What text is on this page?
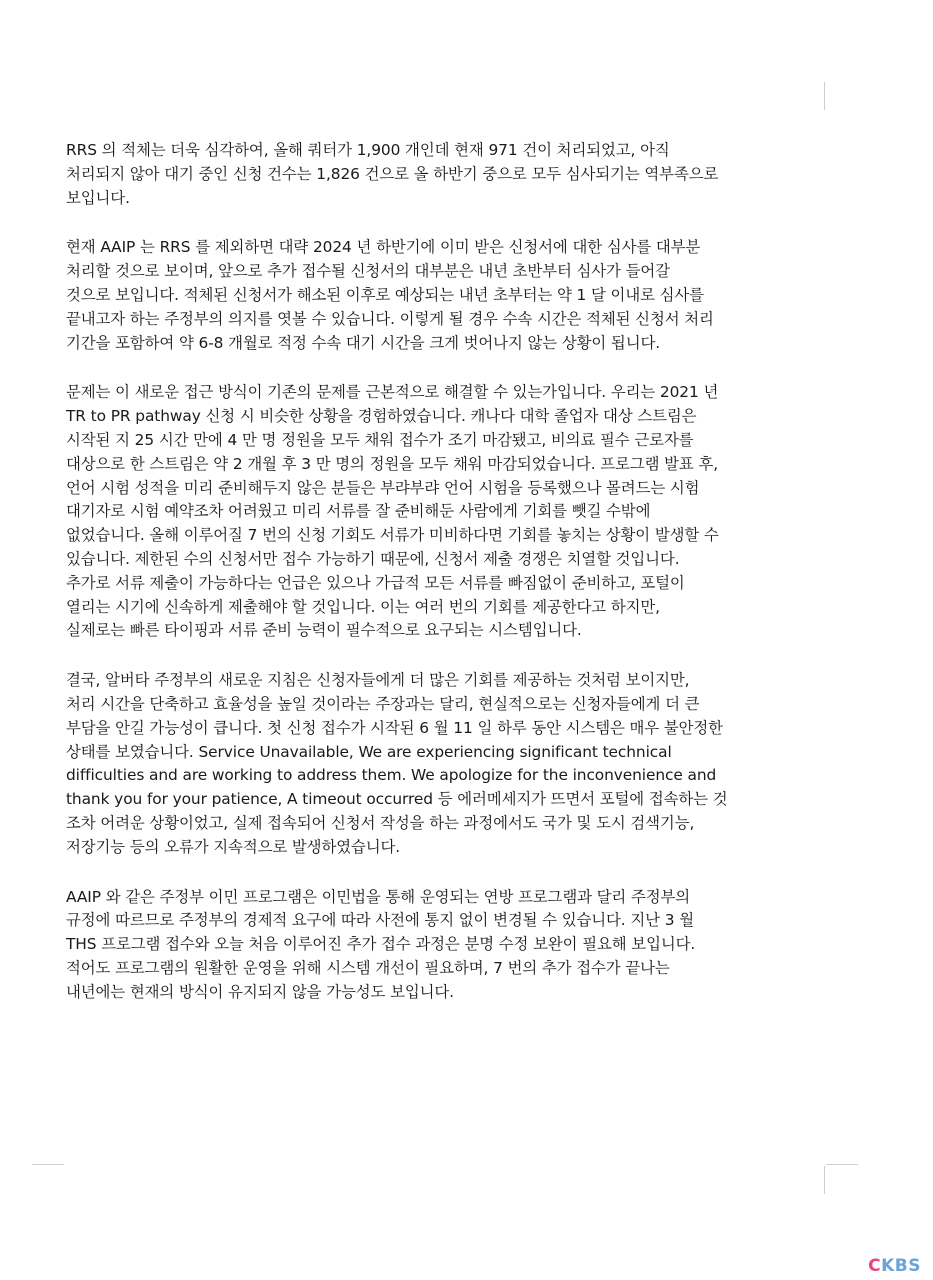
RRS 의 적체는 더욱 심각하여, 올해 쿼터가 1,900 개인데 현재 971 건이 처리되었고, 아직
처리되지 않아 대기 중인 신청 건수는 1,826 건으로 올 하반기 중으로 모두 심사되기는 역부족으로
보입니다.

현재 AAIP 는 RRS 를 제외하면 대략 2024 년 하반기에 이미 받은 신청서에 대한 심사를 대부분
처리할 것으로 보이며, 앞으로 추가 접수될 신청서의 대부분은 내년 초반부터 심사가 들어갈
것으로 보입니다. 적체된 신청서가 해소된 이후로 예상되는 내년 초부터는 약 1 달 이내로 심사를
끝내고자 하는 주정부의 의지를 엿볼 수 있습니다. 이렇게 될 경우 수속 시간은 적체된 신청서 처리
기간을 포함하여 약 6-8 개월로 적정 수속 대기 시간을 크게 벗어나지 않는 상황이 됩니다.

문제는 이 새로운 접근 방식이 기존의 문제를 근본적으로 해결할 수 있는가입니다. 우리는 2021 년
TR to PR pathway 신청 시 비슷한 상황을 경험하였습니다. 캐나다 대학 졸업자 대상 스트림은
시작된 지 25 시간 만에 4 만 명 정원을 모두 채워 접수가 조기 마감됐고, 비의료 필수 근로자를
대상으로 한 스트림은 약 2 개월 후 3 만 명의 정원을 모두 채워 마감되었습니다. 프로그램 발표 후,
언어 시험 성적을 미리 준비해두지 않은 분들은 부랴부랴 언어 시험을 등록했으나 몰려드는 시험
대기자로 시험 예약조차 어려웠고 미리 서류를 잘 준비해둔 사람에게 기회를 뺏길 수밖에
없었습니다. 올해 이루어질 7 번의 신청 기회도 서류가 미비하다면 기회를 놓치는 상황이 발생할 수
있습니다. 제한된 수의 신청서만 접수 가능하기 때문에, 신청서 제출 경쟁은 치열할 것입니다.
추가로 서류 제출이 가능하다는 언급은 있으나 가급적 모든 서류를 빠짐없이 준비하고, 포털이
열리는 시기에 신속하게 제출해야 할 것입니다. 이는 여러 번의 기회를 제공한다고 하지만,
실제로는 빠른 타이핑과 서류 준비 능력이 필수적으로 요구되는 시스템입니다.

결국, 알버타 주정부의 새로운 지침은 신청자들에게 더 많은 기회를 제공하는 것처럼 보이지만,
처리 시간을 단축하고 효율성을 높일 것이라는 주장과는 달리, 현실적으로는 신청자들에게 더 큰
부담을 안길 가능성이 큽니다. 첫 신청 접수가 시작된 6 월 11 일 하루 동안 시스템은 매우 불안정한
상태를 보였습니다. Service Unavailable, We are experiencing significant technical
difficulties and are working to address them. We apologize for the inconvenience and
thank you for your patience, A timeout occurred 등 에러메세지가 뜨면서 포털에 접속하는 것
조차 어려운 상황이었고, 실제 접속되어 신청서 작성을 하는 과정에서도 국가 및 도시 검색기능,
저장기능 등의 오류가 지속적으로 발생하였습니다.

AAIP 와 같은 주정부 이민 프로그램은 이민법을 통해 운영되는 연방 프로그램과 달리 주정부의
규정에 따르므로 주정부의 경제적 요구에 따라 사전에 통지 없이 변경될 수 있습니다. 지난 3 월
THS 프로그램 접수와 오늘 처음 이루어진 추가 접수 과정은 분명 수정 보완이 필요해 보입니다.
적어도 프로그램의 원활한 운영을 위해 시스템 개선이 필요하며, 7 번의 추가 접수가 끝나는
내년에는 현재의 방식이 유지되지 않을 가능성도 보입니다.

CKBS
